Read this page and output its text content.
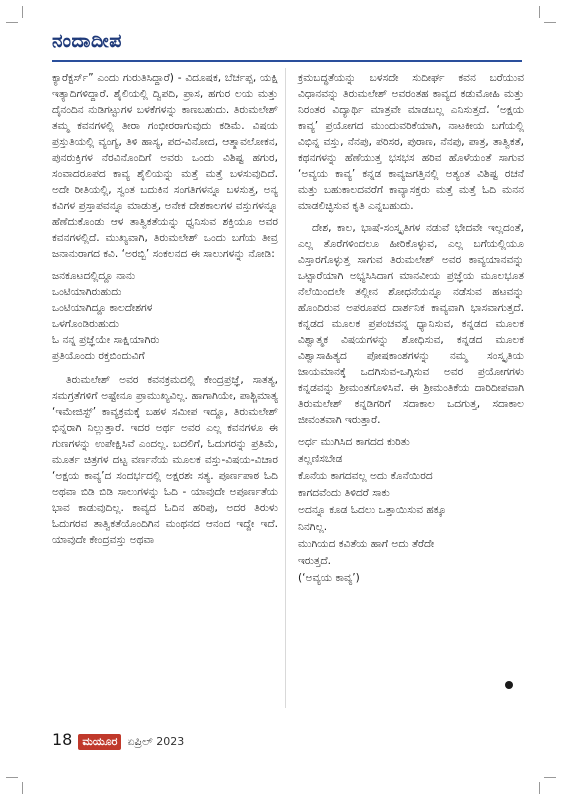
ನಂದಾದೀಪ

ಕ್ಯಾರೆಕ್ಟರ್ಸ್” ಎಂದು ಗುರುತಿಸಿದ್ದಾರೆ) - ವಿದೂಷಕ, ಬೆರ್ಚಪ್ಪ, ಯಕ್ಷಿ ಇತ್ಯಾದಿಗಳಿದ್ದಾರೆ. ಶೈಲಿಯಲ್ಲಿ ದ್ವಿಪದಿ, ಪ್ರಾಸ, ಹಗುರ ಲಯ ಮತ್ತು ದೈನಂದಿನ ನುಡಿಗಟ್ಟುಗಳ ಬಳಕೆಗಳನ್ನು ಕಾಣಬಹುದು. ತಿರುಮಲೇಶ್ ತಮ್ಮ ಕವನಗಳಲ್ಲಿ ತೀರಾ ಗಂಭೀರರಾಗುವುದು ಕಡಿಮೆ. ವಿಷಯ ಪ್ರಸ್ತುತಿಯಲ್ಲಿ ವ್ಯಂಗ್ಯ, ತಿಳಿ ಹಾಸ್ಯ, ಪದ-ವಿನೋದ, ಆತ್ಮಾವಲೋಕನ, ಪುನರುಕ್ತಿಗಳ ನೆರವಿನೊಂದಿಗೆ ಅವರು ಒಂದು ವಿಶಿಷ್ಟ ಹಗುರ, ಸಂವಾದರೂಪದ ಕಾವ್ಯ ಶೈಲಿಯನ್ನು ಮತ್ತೆ ಮತ್ತೆ ಬಳಸುವುದಿದೆ. ಅದೇ ರೀತಿಯಲ್ಲಿ, ಸ್ವಂತ ಬದುಕಿನ ಸಂಗತಿಗಳನ್ನೂ ಬಳಸುತ್ತ, ಅನ್ಯ ಕವಿಗಳ ಪ್ರಸ್ತಾಪವನ್ನೂ ಮಾಡುತ್ತ, ಅನೇಕ ದೇಶಕಾಲಗಳ ವಸ್ತುಗಳನ್ನೂ ಹೆಣೆದುಕೊಂಡು ಆಳ ತಾತ್ವಿಕತೆಯನ್ನು ಧ್ವನಿಸುವ ಶಕ್ತಿಯೂ ಅವರ ಕವನಗಳಲ್ಲಿದೆ. ಮುಖ್ಯವಾಗಿ, ತಿರುಮಲೇಶ್ ಒಂದು ಬಗೆಯ ತೀವ್ರ ಜನಾನುರಾಗದ ಕವಿ. ‘ಅರಬ್ಬಿ’ ಸಂಕಲನದ ಈ ಸಾಲುಗಳನ್ನು ನೋಡಿ:

ಜನಕೂಟದಲ್ಲಿದ್ದೂ ನಾನು
ಒಂಟಿಯಾಗಿರುಹುದು
ಒಂಟಿಯಾಗಿದ್ದೂ ಕಾಲದೇಶಗಳ
ಒಳಗೊಂಡಿರುಹುದು
ಓ ನನ್ನ ಪ್ರಜ್ಞೆಯೇ ಸಾಕ್ಷಿಯಾಗಿರು
ಪ್ರತಿಯೊಂದು ರಕ್ತಬಿಂದುವಿಗೆ

ತಿರುಮಲೇಶ್ ಅವರ ಕವನಕ್ರಮದಲ್ಲಿ ಕೇಂದ್ರಪ್ರಜ್ಞೆ, ಸಾತತ್ಯ, ಸಮಗ್ರತೆಗಳಿಗೆ ಅಷ್ಟೇನೂ ಪ್ರಾಮುಖ್ಯವಿಲ್ಲ. ಹಾಗಾಗಿಯೇ, ಪಾಶ್ಚಿಮಾತ್ಯ ‘ಇಮೇಜಿಸ್ಟ್’ ಕಾವ್ಯಕ್ರಮಕ್ಕೆ ಬಹಳ ಸಮೀಪ ಇದ್ದೂ, ತಿರುಮಲೇಶ್ ಭಿನ್ನರಾಗಿ ನಿಲ್ಲುತ್ತಾರೆ. ಇದರ ಅರ್ಥ ಅವರ ಎಲ್ಲ ಕವನಗಳೂ ಈ ಗುಣಗಳನ್ನು ಉಪೇಕ್ಷಿಸಿವೆ ಎಂದಲ್ಲ. ಬದಲಿಗೆ, ಓದುಗರನ್ನು ಪ್ರತಿಮೆ, ಮೂರ್ತ ಚಿತ್ರಗಳ ದಟ್ಟ ವರ್ಣನೆಯ ಮೂಲಕ ವಸ್ತು-ವಿಷಯ-ವಿಚಾರ ‘ಅಕ್ಷಯ ಕಾವ್ಯ’ದ ಸಂದರ್ಭದಲ್ಲಿ ಅಕ್ಷರಶಃ ಸತ್ಯ. ಪೂರ್ಣಪಾಠ ಓದಿ ಅಥವಾ ಬಿಡಿ ಬಿಡಿ ಸಾಲುಗಳನ್ನು ಓದಿ - ಯಾವುದೇ ಅಪೂರ್ಣತೆಯ ಭಾವ ಕಾಡುವುದಿಲ್ಲ. ಕಾವ್ಯದ ಓದಿನ ಹರಿಪು, ಅದರ ತಿರುಳು ಓದುಗರವ ತಾತ್ವಿಕತೆಯೊಂದಿಗಿನ ಮಂಥನದ ಆನಂದ ಇದ್ದೇ ಇದೆ. ಯಾವುದೇ ಕೇಂದ್ರವಸ್ತು ಅಥವಾ

ಕ್ರಮಬದ್ಧತೆಯನ್ನು ಬಳಸದೇ ಸುದೀರ್ಘ ಕವನ ಬರೆಯುವ ವಿಧಾನವನ್ನು ತಿರುಮಲೇಶ್ ಅವರಂತಹ ಕಾವ್ಯದ ಕಡುಮೋಹಿ ಮತ್ತು ನಿರಂತರ ವಿದ್ಯಾರ್ಥಿ ಮಾತ್ರವೇ ಮಾಡಬಲ್ಲ ಎನಿಸುತ್ತದೆ. ‘ಅಕ್ಷಯ ಕಾವ್ಯ’ ಪ್ರಯೋಗದ ಮುಂದುವರಿಕೆಯಾಗಿ, ನಾಟಕೀಯ ಬಗೆಯಲ್ಲಿ ವಿಭಿನ್ನ ವಸ್ತು, ನೆನಪು, ಪರಿಸರ, ಪುರಾಣ, ನೆನಪು, ಪಾತ್ರ, ತಾತ್ವಿಕತೆ, ಕಥನಗಳನ್ನು ಹೆಣೆಯುತ್ತ ಭಸಭಸ ಹರಿವ ಹೊಳೆಯಂತೆ ಸಾಗುವ ‘ಅವ್ಯಯ ಕಾವ್ಯ’ ಕನ್ನಡ ಕಾವ್ಯಜಗತ್ತಿನಲ್ಲಿ ಅತ್ಯಂತ ವಿಶಿಷ್ಟ ರಚನೆ ಮತ್ತು ಬಹುಕಾಲದವರೆಗೆ ಕಾವ್ಯಾಸಕ್ತರು ಮತ್ತೆ ಮತ್ತೆ ಓದಿ ಮನನ ಮಾಡಲಿಚ್ಛಿಸುವ ಕೃತಿ ಎನ್ನಬಹುದು.

ದೇಶ, ಕಾಲ, ಭಾಷೆ-ಸಂಸ್ಕೃತಿಗಳ ನಡುವೆ ಭೇದವೇ ಇಲ್ಲದಂತೆ, ಎಲ್ಲ ತೊರೆಗಳಿಂದಲೂ ಹೀರಿಕೊಳ್ಳುವ, ಎಲ್ಲ ಬಗೆಯಲ್ಲಿಯೂ ವಿಸ್ತಾರಗೊಳ್ಳುತ್ತ ಸಾಗುವ ತಿರುಮಲೇಶ್ ಅವರ ಕಾವ್ಯಯಾನವನ್ನು ಒಟ್ಟಾರೆಯಾಗಿ ಅಭ್ಯಸಿಸಿದಾಗ ಮಾನವೀಯ ಪ್ರಜ್ಞೆಯ ಮೂಲಭೂತ ನೆಲೆಯಿಂದಲೇ ತಲ್ಲೀನ ಶೋಧನೆಯನ್ನೂ ನಡೆಸುವ ಹಟವನ್ನು ಹೊಂದಿರುವ ಅಪರೂಪದ ದಾರ್ಶನಿಕ ಕಾವ್ಯವಾಗಿ ಭಾಸವಾಗುತ್ತದೆ. ಕನ್ನಡದ ಮೂಲಕ ಪ್ರಪಂಚವನ್ನ ಧ್ಯಾನಿಸುವ, ಕನ್ನಡದ ಮೂಲಕ ವಿಶ್ವಾತ್ಮಕ ವಿಷಯಗಳನ್ನು ಶೋಧಿಸುವ, ಕನ್ನಡದ ಮೂಲಕ ವಿಶ್ವಾಸಾಹಿತ್ಯದ ಪೋಷಕಾಂಶಗಳನ್ನು ನಮ್ಮ ಸಂಸ್ಕೃತಿಯ ಜಾಯಮಾನಕ್ಕೆ ಒದಗಿಸುವ-ಒಗ್ಗಿಸುವ ಅವರ ಪ್ರಯೋಗಗಳು ಕನ್ನಡವನ್ನು ಶ್ರೀಮಂತಗೊಳಿಸಿವೆ. ಈ ಶ್ರೀಮಂತಿಕೆಯ ದಾರಿದೀಪವಾಗಿ ತಿರುಮಲೇಶ್ ಕನ್ನಡಿಗರಿಗೆ ಸದಾಕಾಲ ಒದಗುತ್ತ, ಸದಾಕಾಲ ಜೀವಂತವಾಗಿ ಇರುತ್ತಾರೆ.

ಅರ್ಧ ಮುಗಿಸಿದ ಕಾಗದದ ಕುರಿತು
ತಲ್ಲಣಿಸಬೇಡ
ಕೊನೆಯ ಕಾಗದವಲ್ಲ ಅದು ಕೊನೆಯಿರದ
ಕಾಗದವೆಂದು ತಿಳಿದರೆ ಸಾಕು
ಅದನ್ನೂ ಕೂಡ ಓದಲು ಒತ್ತಾಯಿಸುವ ಹಕ್ಕೂ
ನಿನಗಿಲ್ಲ.
ಮುಗಿಯದ ಕವಿತೆಯ ಹಾಗೆ ಅದು ತೆರೆದೇ
ಇರುತ್ತದೆ.
(‘ಅವ್ಯಯ ಕಾವ್ಯ’)
18 ಮಯೂರ ಏಪ್ರಿಲ್ 2023
